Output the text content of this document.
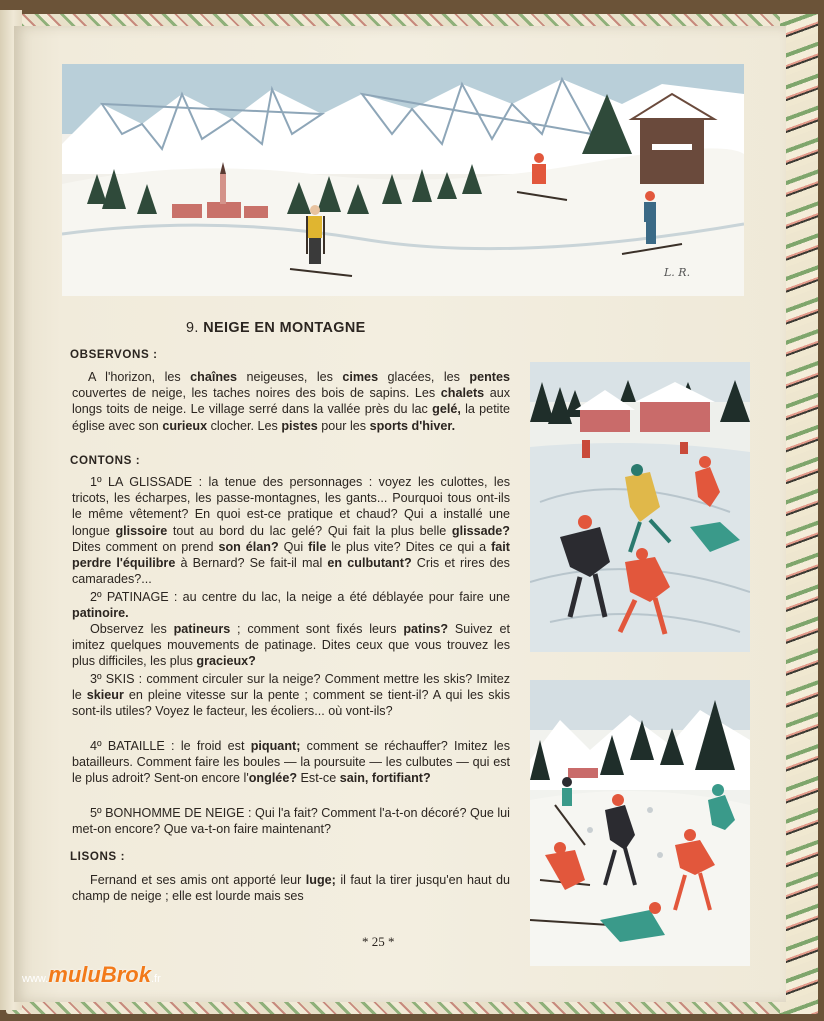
L. R.
9. NEIGE EN MONTAGNE
OBSERVONS :
A l'horizon, les chaînes neigeuses, les cimes glacées, les pentes couvertes de neige, les taches noires des bois de sapins. Les chalets aux longs toits de neige. Le village serré dans la vallée près du lac gelé, la petite église avec son curieux clocher. Les pistes pour les sports d'hiver.
CONTONS :
1º LA GLISSADE : la tenue des personnages : voyez les culottes, les tricots, les écharpes, les passe-montagnes, les gants... Pourquoi tous ont-ils le même vêtement? En quoi est-ce pratique et chaud? Qui a installé une longue glissoire tout au bord du lac gelé? Qui fait la plus belle glissade? Dites comment on prend son élan? Qui file le plus vite? Dites ce qui a fait perdre l'équilibre à Bernard? Se fait-il mal en culbutant? Cris et rires des camarades?...
2º PATINAGE : au centre du lac, la neige a été déblayée pour faire une patinoire.
Observez les patineurs ; comment sont fixés leurs patins? Suivez et imitez quelques mouvements de patinage. Dites ceux que vous trouvez les plus difficiles, les plus gracieux?
3º SKIS : comment circuler sur la neige? Comment mettre les skis? Imitez le skieur en pleine vitesse sur la pente ; comment se tient-il? A qui les skis sont-ils utiles? Voyez le facteur, les écoliers... où vont-ils?
4º BATAILLE : le froid est piquant; comment se réchauffer? Imitez les batailleurs. Comment faire les boules — la poursuite — les culbutes — qui est le plus adroit? Sent-on encore l'onglée? Est-ce sain, fortifiant?
5º BONHOMME DE NEIGE : Qui l'a fait? Comment l'a-t-on décoré? Que lui met-on encore? Que va-t-on faire maintenant?
LISONS :
Fernand et ses amis ont apporté leur luge; il faut la tirer jusqu'en haut du champ de neige ; elle est lourde mais ses
* 25 *
www.muluBrok.fr
